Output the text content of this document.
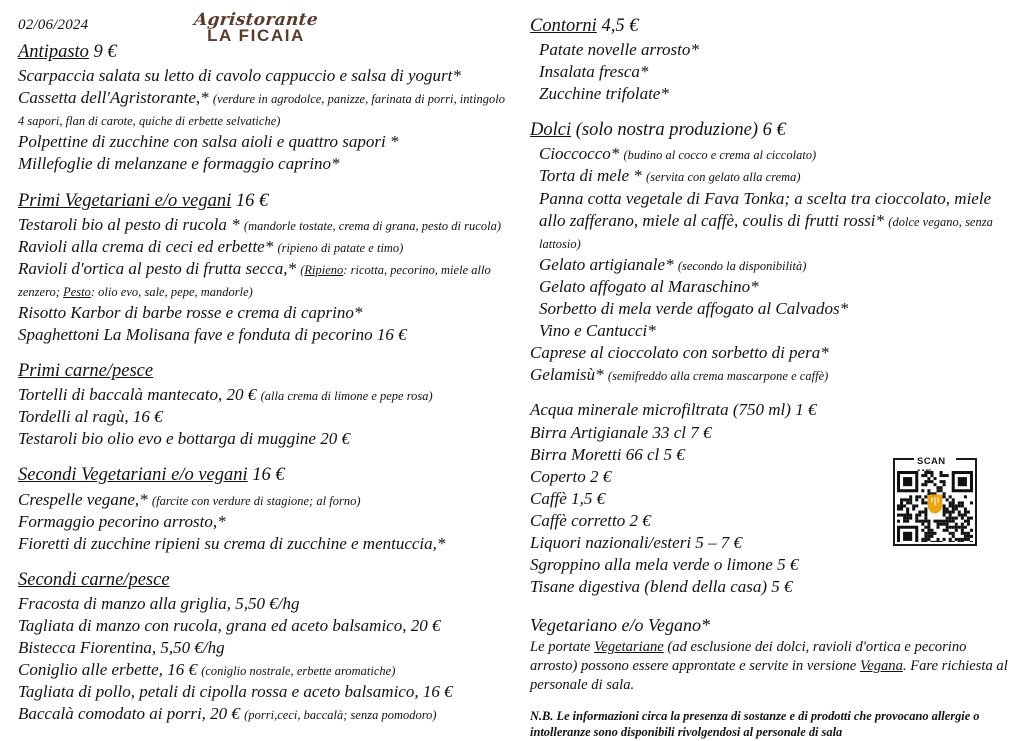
02/06/2024	Agristorante
LA FICAIA
Antipasto 9 €
Scarpaccia salata su letto di cavolo cappuccio e salsa di yogurt*
Cassetta dell'Agristorante,* (verdure in agrodolce, panizze, farinata di porri, intingolo 4 sapori, flan di carote, quiche di erbette selvatiche)
Polpettine di zucchine con salsa aioli e quattro sapori *
Millefoglie di melanzane e formaggio caprino*
Primi Vegetariani e/o vegani 16 €
Testaroli bio al pesto di rucola * (mandorle tostate, crema di grana, pesto di rucola)
Ravioli alla crema di ceci ed erbette* (ripieno di patate e timo)
Ravioli d'ortica al pesto di frutta secca,* (Ripieno: ricotta, pecorino, miele allo zenzero; Pesto: olio evo, sale, pepe, mandorle)
Risotto Karbor di barbe rosse e crema di caprino*
Spaghettoni La Molisana fave e fonduta di pecorino 16 €
Primi carne/pesce
Tortelli di baccalà mantecato, 20 € (alla crema di limone e pepe rosa)
Tordelli al ragù, 16 €
Testaroli bio olio evo e bottarga di muggine 20 €
Secondi Vegetariani e/o vegani 16 €
Crespelle vegane,* (farcite con verdure di stagione; al forno)
Formaggio pecorino arrosto,*
Fioretti di zucchine ripieni su crema di zucchine e mentuccia,*
Secondi carne/pesce
Fracosta di manzo alla griglia, 5,50 €/hg
Tagliata di manzo con rucola, grana ed aceto balsamico, 20 €
Bistecca Fiorentina, 5,50 €/hg
Coniglio alle erbette, 16 € (coniglio nostrale, erbette aromatiche)
Tagliata di pollo, petali di cipolla rossa e aceto balsamico, 16 €
Baccalà comodato ai porri, 20 € (porri,ceci, baccalà; senza pomodoro)
Contorni 4,5 €
Patate novelle arrosto*
Insalata fresca*
Zucchine trifolate*
Dolci (solo nostra produzione) 6 €
Cioccocco* (budino al cocco e crema al ciccolato)
Torta di mele * (servita con gelato alla crema)
Panna cotta vegetale di Fava Tonka; a scelta tra cioccolato, miele allo zafferano, miele al caffè, coulis di frutti rossi* (dolce vegano, senza lattosio)
Gelato artigianale* (secondo la disponibilità)
Gelato affogato al Maraschino*
Sorbetto di mela verde affogato al Calvados*
Vino e Cantucci*
Caprese al cioccolato con sorbetto di pera*
Gelamisù* (semifreddo alla crema mascarpone e caffè)
Acqua minerale microfiltrata (750 ml) 1 €
Birra Artigianale 33 cl 7 €
Birra Moretti 66 cl 5 €
Coperto 2 €
Caffè 1,5 €
Caffè corretto 2 €
Liquori nazionali/esteri 5 – 7 €
Sgroppino alla mela verde o limone 5 €
Tisane digestiva (blend della casa) 5 €
Vegetariano e/o Vegano*
Le portate Vegetariane (ad esclusione dei dolci, ravioli d'ortica e pecorino arrosto) possono essere approntate e servite in versione Vegana. Fare richiesta al personale di sala.
N.B. Le informazioni circa la presenza di sostanze e di prodotti che provocano allergie o intolleranze sono disponibili rivolgendosi al personale di sala
SCAN
